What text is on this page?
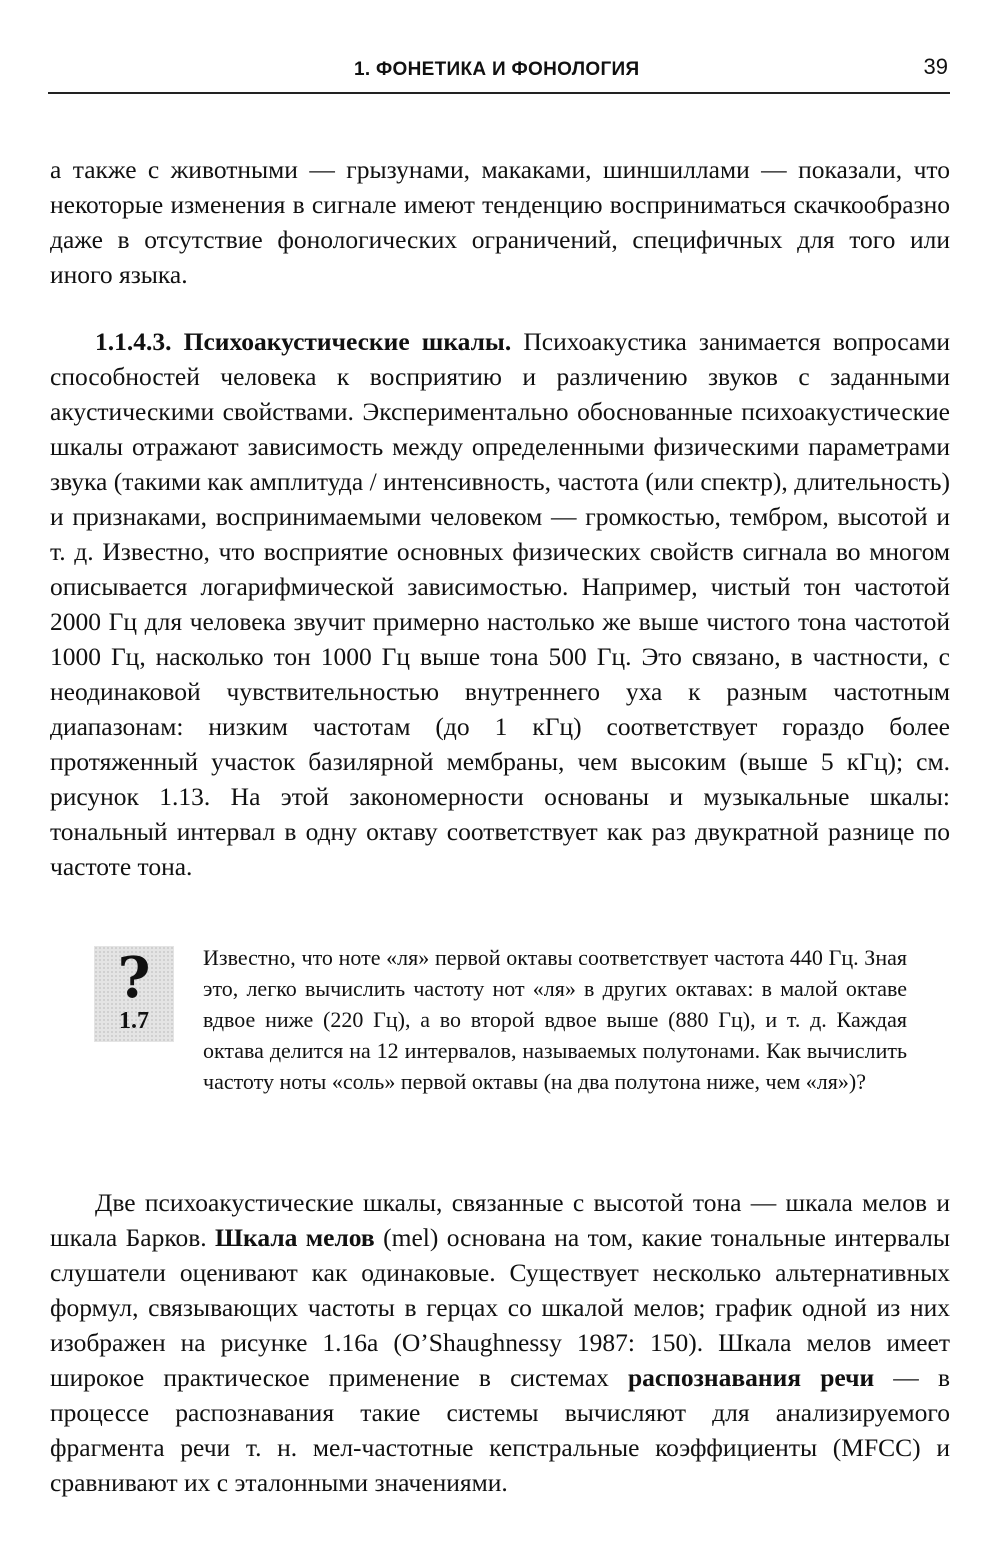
1. ФОНЕТИКА И ФОНОЛОГИЯ	39

а также с животными — грызунами, макаками, шиншиллами — показали, что некоторые изменения в сигнале имеют тенденцию восприниматься скачкообразно даже в отсутствие фонологических ограничений, специфичных для того или иного языка.

1.1.4.3. Психоакустические шкалы. Психоакустика занимается вопросами способностей человека к восприятию и различению звуков с заданными акустическими свойствами. Экспериментально обоснованные психоакустические шкалы отражают зависимость между определенными физическими параметрами звука (такими как амплитуда / интенсивность, частота (или спектр), длительность) и признаками, воспринимаемыми человеком — громкостью, тембром, высотой и т. д. Известно, что восприятие основных физических свойств сигнала во многом описывается логарифмической зависимостью. Например, чистый тон частотой 2000 Гц для человека звучит примерно настолько же выше чистого тона частотой 1000 Гц, насколько тон 1000 Гц выше тона 500 Гц. Это связано, в частности, с неодинаковой чувствительностью внутреннего уха к разным частотным диапазонам: низким частотам (до 1 кГц) соответствует гораздо более протяженный участок базилярной мембраны, чем высоким (выше 5 кГц); см. рисунок 1.13. На этой закономерности основаны и музыкальные шкалы: тональный интервал в одну октаву соответствует как раз двукратной разнице по частоте тона.

?
1.7

Известно, что ноте «ля» первой октавы соответствует частота 440 Гц. Зная это, легко вычислить частоту нот «ля» в других октавах: в малой октаве вдвое ниже (220 Гц), а во второй вдвое выше (880 Гц), и т. д. Каждая октава делится на 12 интервалов, называемых полутонами. Как вычислить частоту ноты «соль» первой октавы (на два полутона ниже, чем «ля»)?

Две психоакустические шкалы, связанные с высотой тона — шкала мелов и шкала Барков. Шкала мелов (mel) основана на том, какие тональные интервалы слушатели оценивают как одинаковые. Существует несколько альтернативных формул, связывающих частоты в герцах со шкалой мелов; график одной из них изображен на рисунке 1.16а (O’Shaughnessy 1987: 150). Шкала мелов имеет широкое практическое применение в системах распознавания речи — в процессе распознавания такие системы вычисляют для анализируемого фрагмента речи т. н. мел-частотные кепстральные коэффициенты (MFCC) и сравнивают их с эталонными значениями.
